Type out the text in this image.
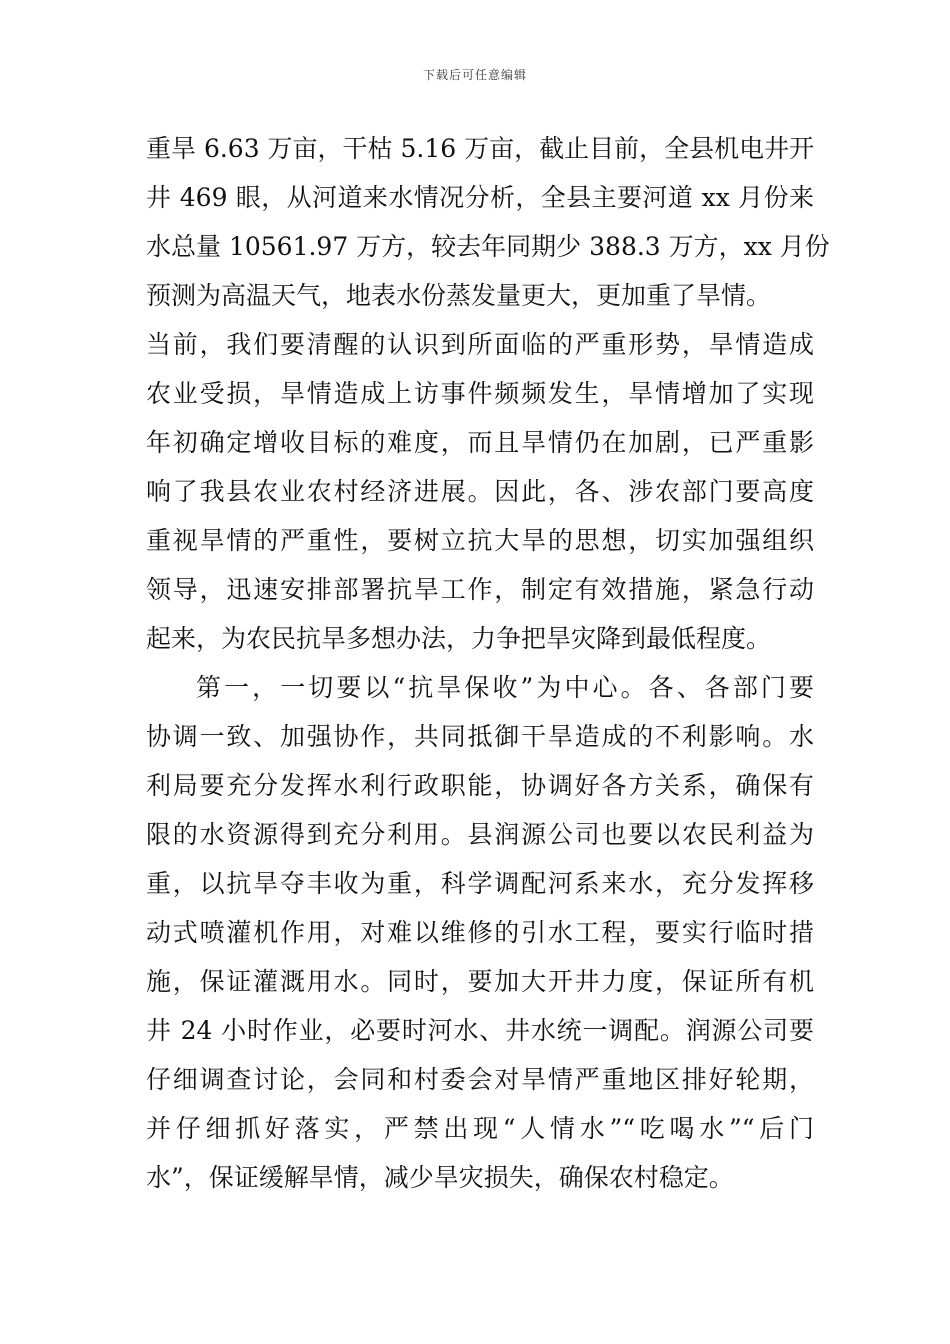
下载后可任意编辑
重旱 6.63 万亩，干枯 5.16 万亩，截止目前，全县机电井开
井 469 眼，从河道来水情况分析，全县主要河道 xx 月份来
水总量 10561.97 万方，较去年同期少 388.3 万方，xx 月份
预测为高温天气，地表水份蒸发量更大，更加重了旱情。
当前，我们要清醒的认识到所面临的严重形势，旱情造成
农业受损，旱情造成上访事件频频发生，旱情增加了实现
年初确定增收目标的难度，而且旱情仍在加剧，已严重影
响了我县农业农村经济进展。因此，各、涉农部门要高度
重视旱情的严重性，要树立抗大旱的思想，切实加强组织
领导，迅速安排部署抗旱工作，制定有效措施，紧急行动
起来，为农民抗旱多想办法，力争把旱灾降到最低程度。
第一，一切要以“抗旱保收”为中心。各、各部门要
协调一致、加强协作，共同抵御干旱造成的不利影响。水
利局要充分发挥水利行政职能，协调好各方关系，确保有
限的水资源得到充分利用。县润源公司也要以农民利益为
重，以抗旱夺丰收为重，科学调配河系来水，充分发挥移
动式喷灌机作用，对难以维修的引水工程，要实行临时措
施，保证灌溉用水。同时，要加大开井力度，保证所有机
井 24 小时作业，必要时河水、井水统一调配。润源公司要
仔细调查讨论，会同和村委会对旱情严重地区排好轮期，
并仔细抓好落实，严禁出现“人情水”“吃喝水”“后门
水”，保证缓解旱情，减少旱灾损失，确保农村稳定。
